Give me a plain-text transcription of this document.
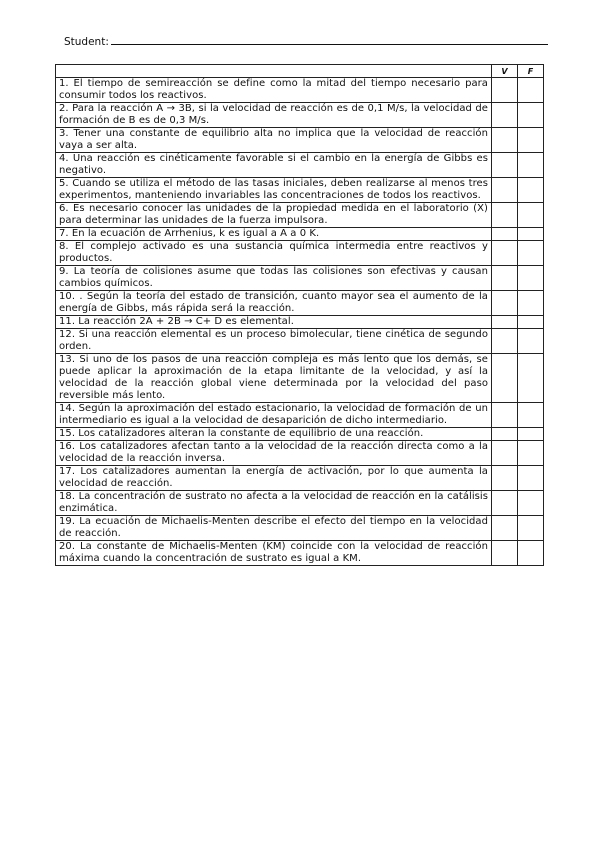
Student:
	V	F
1. El tiempo de semireacción se define como la mitad del tiempo necesario para consumir todos los reactivos.		
2. Para la reacción A → 3B, si la velocidad de reacción es de 0,1 M/s, la velocidad de formación de B es de 0,3 M/s.		
3. Tener una constante de equilibrio alta no implica que la velocidad de reacción vaya a ser alta.		
4. Una reacción es cinéticamente favorable si el cambio en la energía de Gibbs es negativo.		
5. Cuando se utiliza el método de las tasas iniciales, deben realizarse al menos tres experimentos, manteniendo invariables las concentraciones de todos los reactivos.		
6. Es necesario conocer las unidades de la propiedad medida en el laboratorio (X) para determinar las unidades de la fuerza impulsora.		
7. En la ecuación de Arrhenius, k es igual a A a 0 K.		
8. El complejo activado es una sustancia química intermedia entre reactivos y productos.		
9. La teoría de colisiones asume que todas las colisiones son efectivas y causan cambios químicos.		
10. . Según la teoría del estado de transición, cuanto mayor sea el aumento de la energía de Gibbs, más rápida será la reacción.		
11. La reacción 2A + 2B → C+ D es elemental.		
12. Si una reacción elemental es un proceso bimolecular, tiene cinética de segundo orden.		
13. Si uno de los pasos de una reacción compleja es más lento que los demás, se puede aplicar la aproximación de la etapa limitante de la velocidad, y así la velocidad de la reacción global viene determinada por la velocidad del paso reversible más lento.		
14. Según la aproximación del estado estacionario, la velocidad de formación de un intermediario es igual a la velocidad de desaparición de dicho intermediario.		
15. Los catalizadores alteran la constante de equilibrio de una reacción.		
16. Los catalizadores afectan tanto a la velocidad de la reacción directa como a la velocidad de la reacción inversa.		
17. Los catalizadores aumentan la energía de activación, por lo que aumenta la velocidad de reacción.		
18. La concentración de sustrato no afecta a la velocidad de reacción en la catálisis enzimática.		
19. La ecuación de Michaelis-Menten describe el efecto del tiempo en la velocidad de reacción.		
20. La constante de Michaelis-Menten (KM) coincide con la velocidad de reacción máxima cuando la concentración de sustrato es igual a KM.		
